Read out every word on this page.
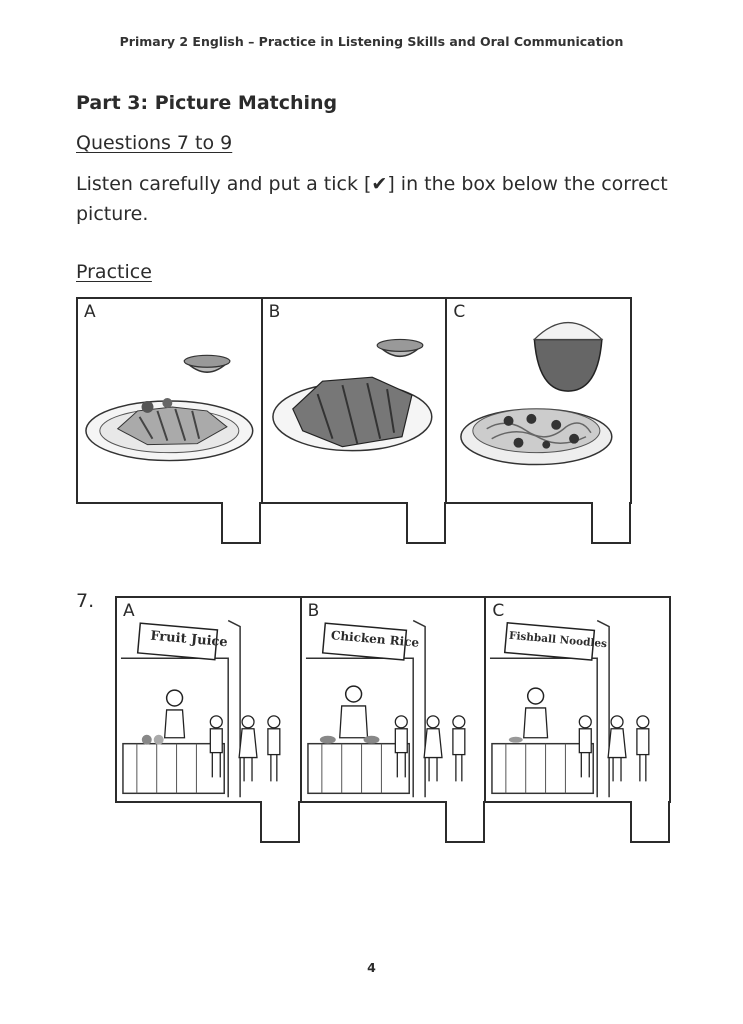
Primary 2 English – Practice in Listening Skills and Oral Communication
Part 3: Picture Matching
Questions 7 to 9
Listen carefully and put a tick [✔] in the box below the correct picture.
Practice
A	B	C
7. A
Fruit Juice
B
Chicken Rice
C
Fishball Noodles
4
